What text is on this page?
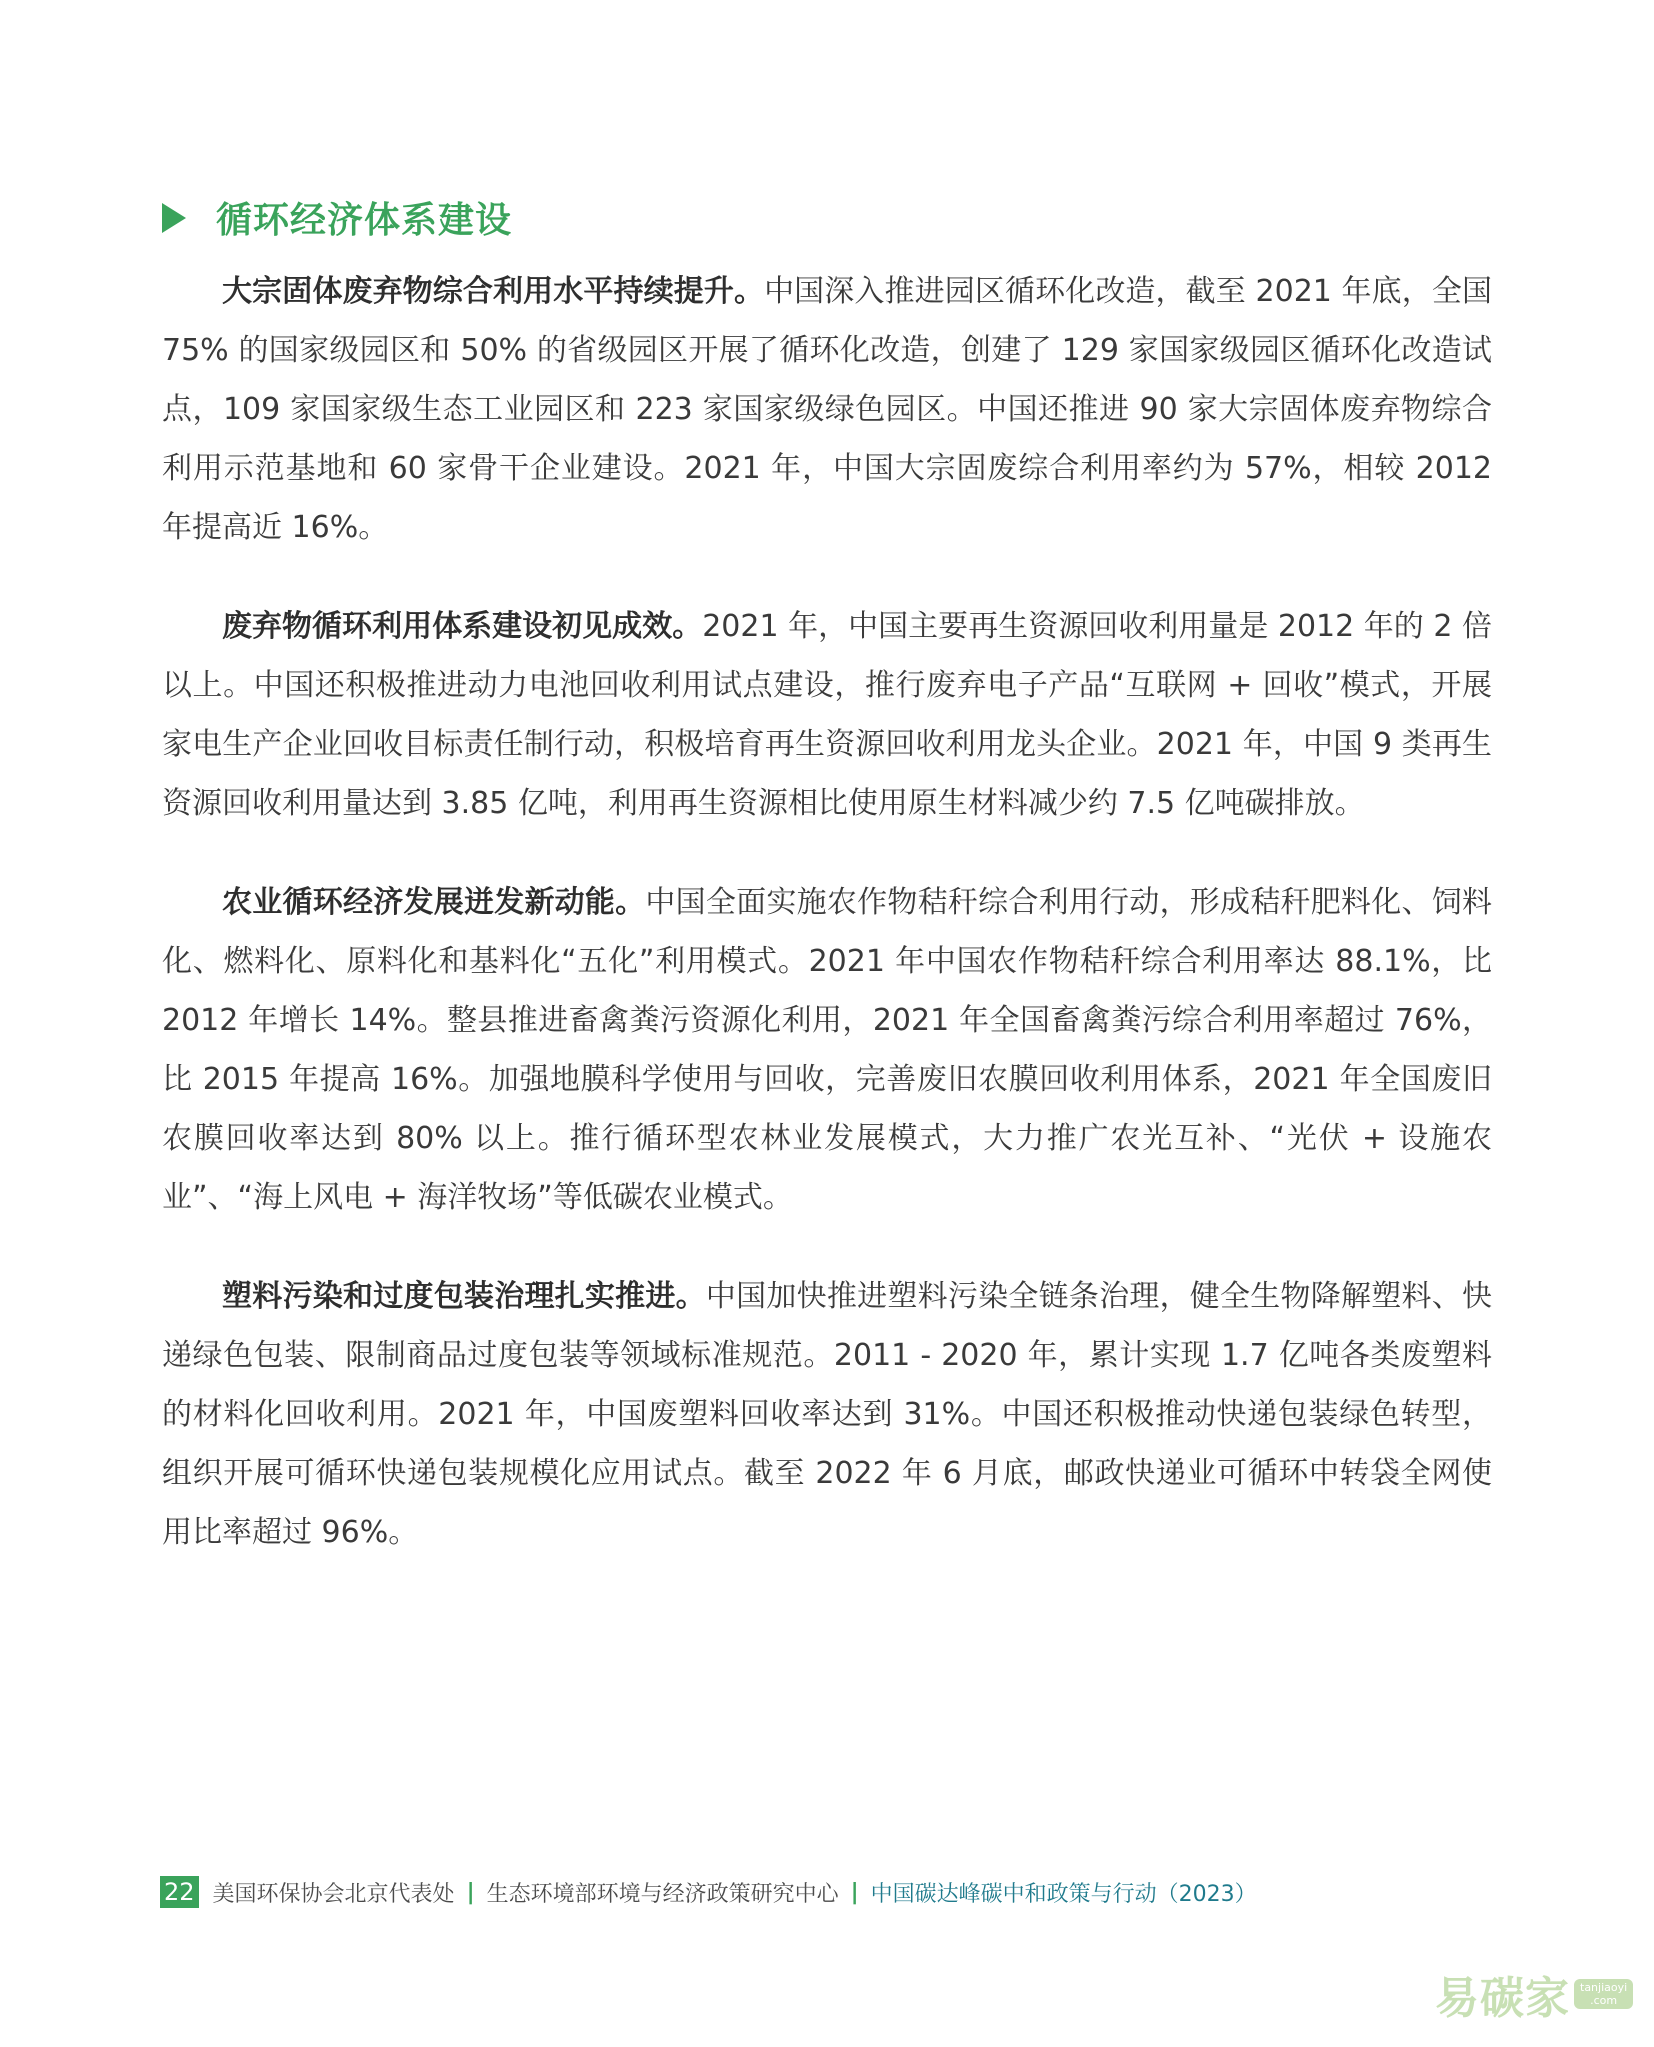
循环经济体系建设

大宗固体废弃物综合利用水平持续提升。中国深入推进园区循环化改造，截至 2021 年底，全国 75% 的国家级园区和 50% 的省级园区开展了循环化改造，创建了 129 家国家级园区循环化改造试点，109 家国家级生态工业园区和 223 家国家级绿色园区。中国还推进 90 家大宗固体废弃物综合利用示范基地和 60 家骨干企业建设。2021 年，中国大宗固废综合利用率约为 57%，相较 2012 年提高近 16%。

废弃物循环利用体系建设初见成效。2021 年，中国主要再生资源回收利用量是 2012 年的 2 倍以上。中国还积极推进动力电池回收利用试点建设，推行废弃电子产品“互联网 + 回收”模式，开展家电生产企业回收目标责任制行动，积极培育再生资源回收利用龙头企业。2021 年，中国 9 类再生资源回收利用量达到 3.85 亿吨，利用再生资源相比使用原生材料减少约 7.5 亿吨碳排放。

农业循环经济发展迸发新动能。中国全面实施农作物秸秆综合利用行动，形成秸秆肥料化、饲料化、燃料化、原料化和基料化“五化”利用模式。2021 年中国农作物秸秆综合利用率达 88.1%，比 2012 年增长 14%。整县推进畜禽粪污资源化利用，2021 年全国畜禽粪污综合利用率超过 76%，比 2015 年提高 16%。加强地膜科学使用与回收，完善废旧农膜回收利用体系，2021 年全国废旧农膜回收率达到 80% 以上。推行循环型农林业发展模式，大力推广农光互补、“光伏 + 设施农业”、“海上风电 + 海洋牧场”等低碳农业模式。

塑料污染和过度包装治理扎实推进。中国加快推进塑料污染全链条治理，健全生物降解塑料、快递绿色包装、限制商品过度包装等领域标准规范。2011 - 2020 年，累计实现 1.7 亿吨各类废塑料的材料化回收利用。2021 年，中国废塑料回收率达到 31%。中国还积极推动快递包装绿色转型，组织开展可循环快递包装规模化应用试点。截至 2022 年 6 月底，邮政快递业可循环中转袋全网使用比率超过 96%。

22 美国环保协会北京代表处 | 生态环境部环境与经济政策研究中心 | 中国碳达峰碳中和政策与行动（2023）
易碳家 tanjiaoyi
.com
